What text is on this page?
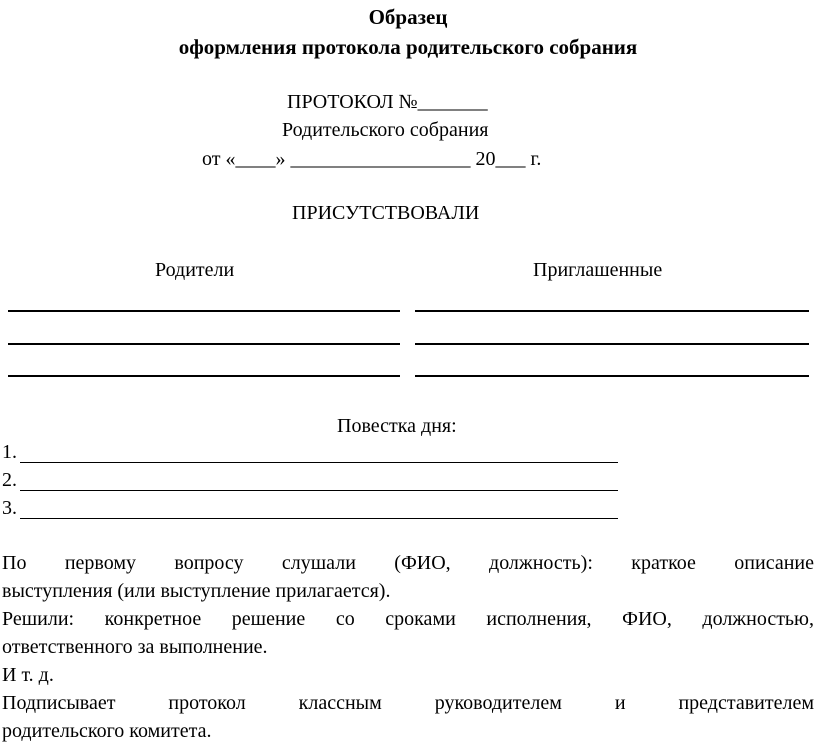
Образец
оформления протокола родительского собрания
ПРОТОКОЛ №_______
Родительского собрания
от «____» __________________ 20___ г.
ПРИСУТСТВОВАЛИ
Родители	Приглашенные
Повестка дня:
1.
2.
3.
По первому вопросу слушали (ФИО, должность): краткое описание
выступления (или выступление прилагается).
Решили: конкретное решение со сроками исполнения, ФИО, должностью,
ответственного за выполнение.
И т. д.
Подписывает протокол классным руководителем и представителем
родительского комитета.
